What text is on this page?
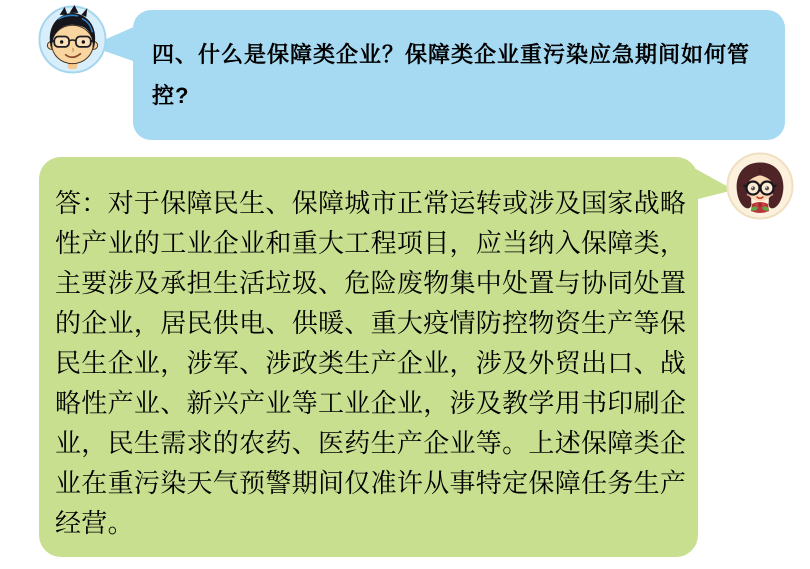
四、什么是保障类企业？保障类企业重污染应急期间如何管
控?
答：对于保障民生、保障城市正常运转或涉及国家战略
性产业的工业企业和重大工程项目，应当纳入保障类，
主要涉及承担生活垃圾、危险废物集中处置与协同处置
的企业，居民供电、供暖、重大疫情防控物资生产等保
民生企业，涉军、涉政类生产企业，涉及外贸出口、战
略性产业、新兴产业等工业企业，涉及教学用书印刷企
业，民生需求的农药、医药生产企业等。上述保障类企
业在重污染天气预警期间仅准许从事特定保障任务生产
经营。
